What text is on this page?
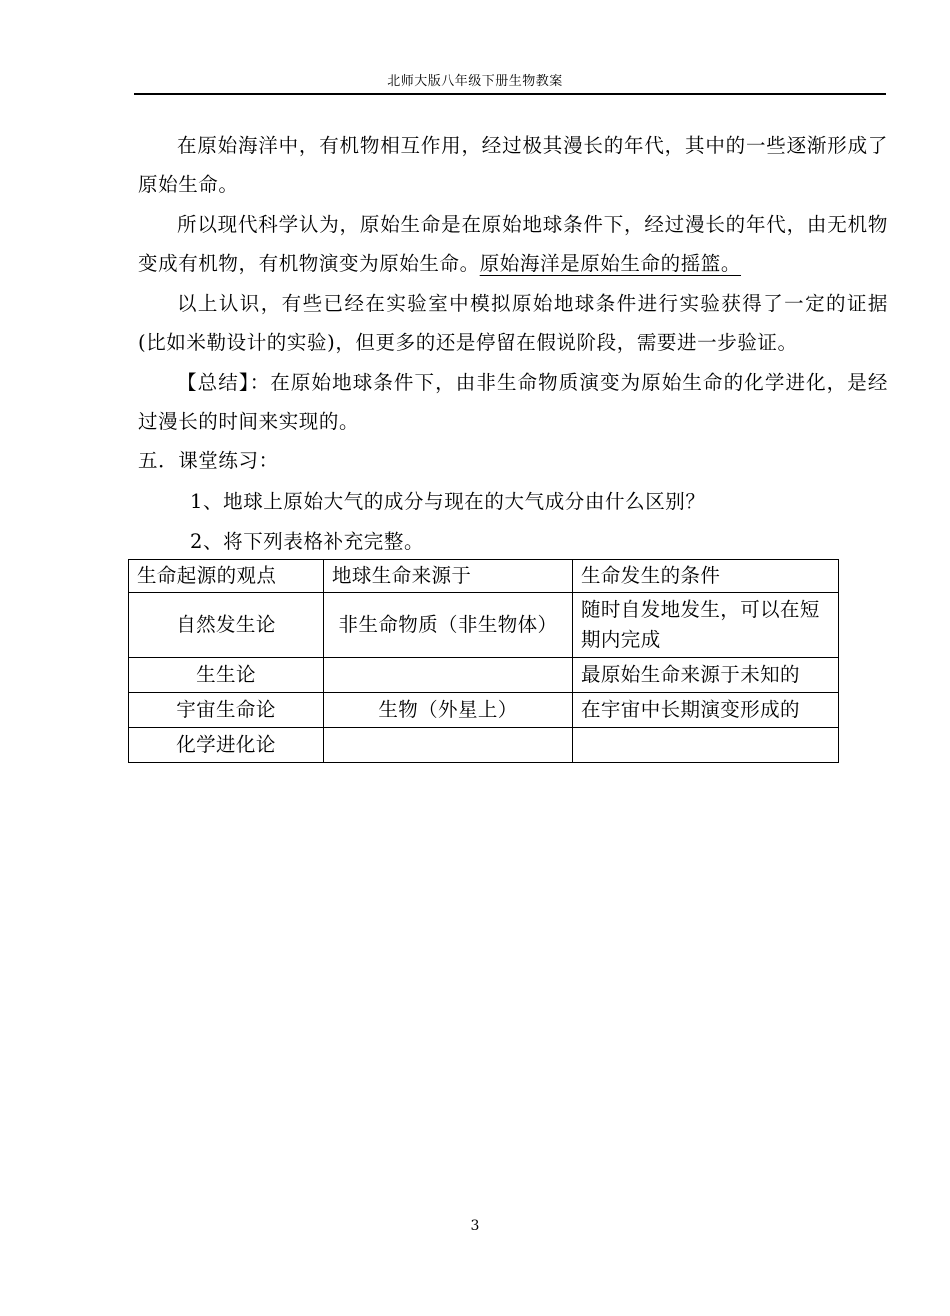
北师大版八年级下册生物教案

在原始海洋中，有机物相互作用，经过极其漫长的年代，其中的一些逐渐形成了原始生命。

所以现代科学认为，原始生命是在原始地球条件下，经过漫长的年代，由无机物变成有机物，有机物演变为原始生命。原始海洋是原始生命的摇篮。

以上认识，有些已经在实验室中模拟原始地球条件进行实验获得了一定的证据(比如米勒设计的实验)，但更多的还是停留在假说阶段，需要进一步验证。

【总结】：在原始地球条件下，由非生命物质演变为原始生命的化学进化，是经过漫长的时间来实现的。

五．课堂练习：

1、地球上原始大气的成分与现在的大气成分由什么区别？
2、将下列表格补充完整。
生命起源的观点	地球生命来源于	生命发生的条件
自然发生论	非生命物质（非生物体）	随时自发地发生，可以在短期内完成
生生论		最原始生命来源于未知的
宇宙生命论	生物（外星上）	在宇宙中长期演变形成的
化学进化论		
3
